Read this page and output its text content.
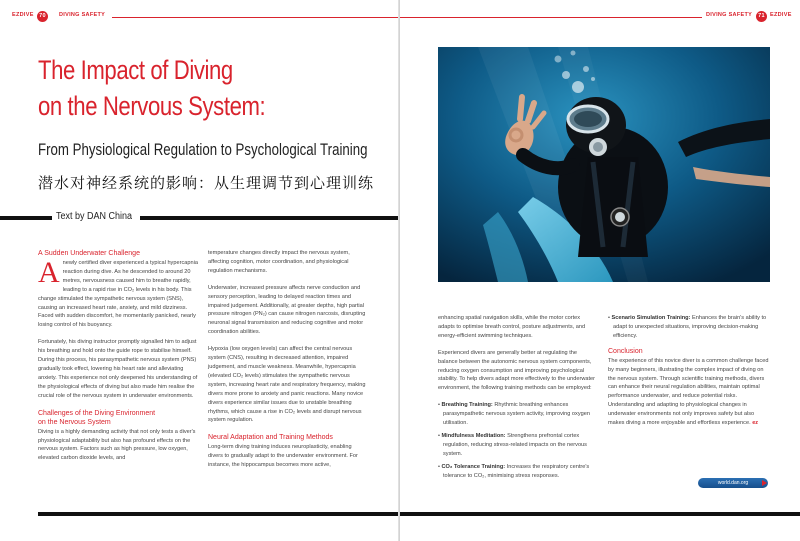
EZDIVE 70	DIVING SAFETY
The Impact of Diving
on the Nervous System:
From Physiological Regulation to Psychological Training
潜水对神经系统的影响：从生理调节到心理训练
Text by DAN China
A Sudden Underwater Challenge

Anewly certified diver experienced a typical hypercapnia reaction during dive. As he descended to around 20 metres, nervousness caused him to breathe rapidly, leading to a rapid rise in CO₂ levels in his body. This change stimulated the sympathetic nervous system (SNS), causing an increased heart rate, anxiety, and mild dizziness. Faced with sudden discomfort, he momentarily panicked, nearly losing control of his buoyancy.

Fortunately, his diving instructor promptly signalled him to adjust his breathing and hold onto the guide rope to stabilise himself. During this process, his parasympathetic nervous system (PNS) gradually took effect, lowering his heart rate and alleviating anxiety. This experience not only deepened his understanding of the physiological effects of diving but also made him realise the crucial role of the nervous system in underwater environments.

Challenges of the Diving Environment
on the Nervous System

Diving is a highly demanding activity that not only tests a diver's physiological adaptability but also has profound effects on the nervous system. Factors such as high pressure, low oxygen, elevated carbon dioxide levels, and

temperature changes directly impact the nervous system, affecting cognition, motor coordination, and physiological regulation mechanisms.

Underwater, increased pressure affects nerve conduction and sensory perception, leading to delayed reaction times and impaired judgement. Additionally, at greater depths, high partial pressure nitrogen (PN₂) can cause nitrogen narcosis, disrupting neuronal signal transmission and reducing cognitive and motor coordination abilities.

Hypoxia (low oxygen levels) can affect the central nervous system (CNS), resulting in decreased attention, impaired judgement, and muscle weakness. Meanwhile, hypercapnia (elevated CO₂ levels) stimulates the sympathetic nervous system, increasing heart rate and respiratory frequency, making divers more prone to anxiety and panic reactions. Many novice divers experience similar issues due to unstable breathing rhythms, which cause a rise in CO₂ levels and disrupt nervous system regulation.

Neural Adaptation and Training Methods

Long-term diving training induces neuroplasticity, enabling divers to gradually adapt to the underwater environment. For instance, the hippocampus becomes more active,

DIVING SAFETY	71 EZDIVE

enhancing spatial navigation skills, while the motor cortex adapts to optimise breath control, posture adjustments, and energy-efficient swimming techniques.

Experienced divers are generally better at regulating the balance between the autonomic nervous system components, reducing oxygen consumption and improving psychological stability. To help divers adapt more effectively to the underwater environment, the following training methods can be employed:

• Breathing Training: Rhythmic breathing enhances parasympathetic nervous system activity, improving oxygen utilisation.
• Mindfulness Meditation: Strengthens prefrontal cortex regulation, reducing stress-related impacts on the nervous system.
• CO₂ Tolerance Training: Increases the respiratory centre's tolerance to CO₂, minimising stress responses.
• Scenario Simulation Training: Enhances the brain's ability to adapt to unexpected situations, improving decision-making efficiency.
Conclusion

The experience of this novice diver is a common challenge faced by many beginners, illustrating the complex impact of diving on the nervous system. Through scientific training methods, divers can enhance their neural regulation abilities, maintain optimal performance underwater, and reduce potential risks. Understanding and adapting to physiological changes in underwater environments not only improves safety but also makes diving a more enjoyable and effortless experience. ez

world.dan.org
